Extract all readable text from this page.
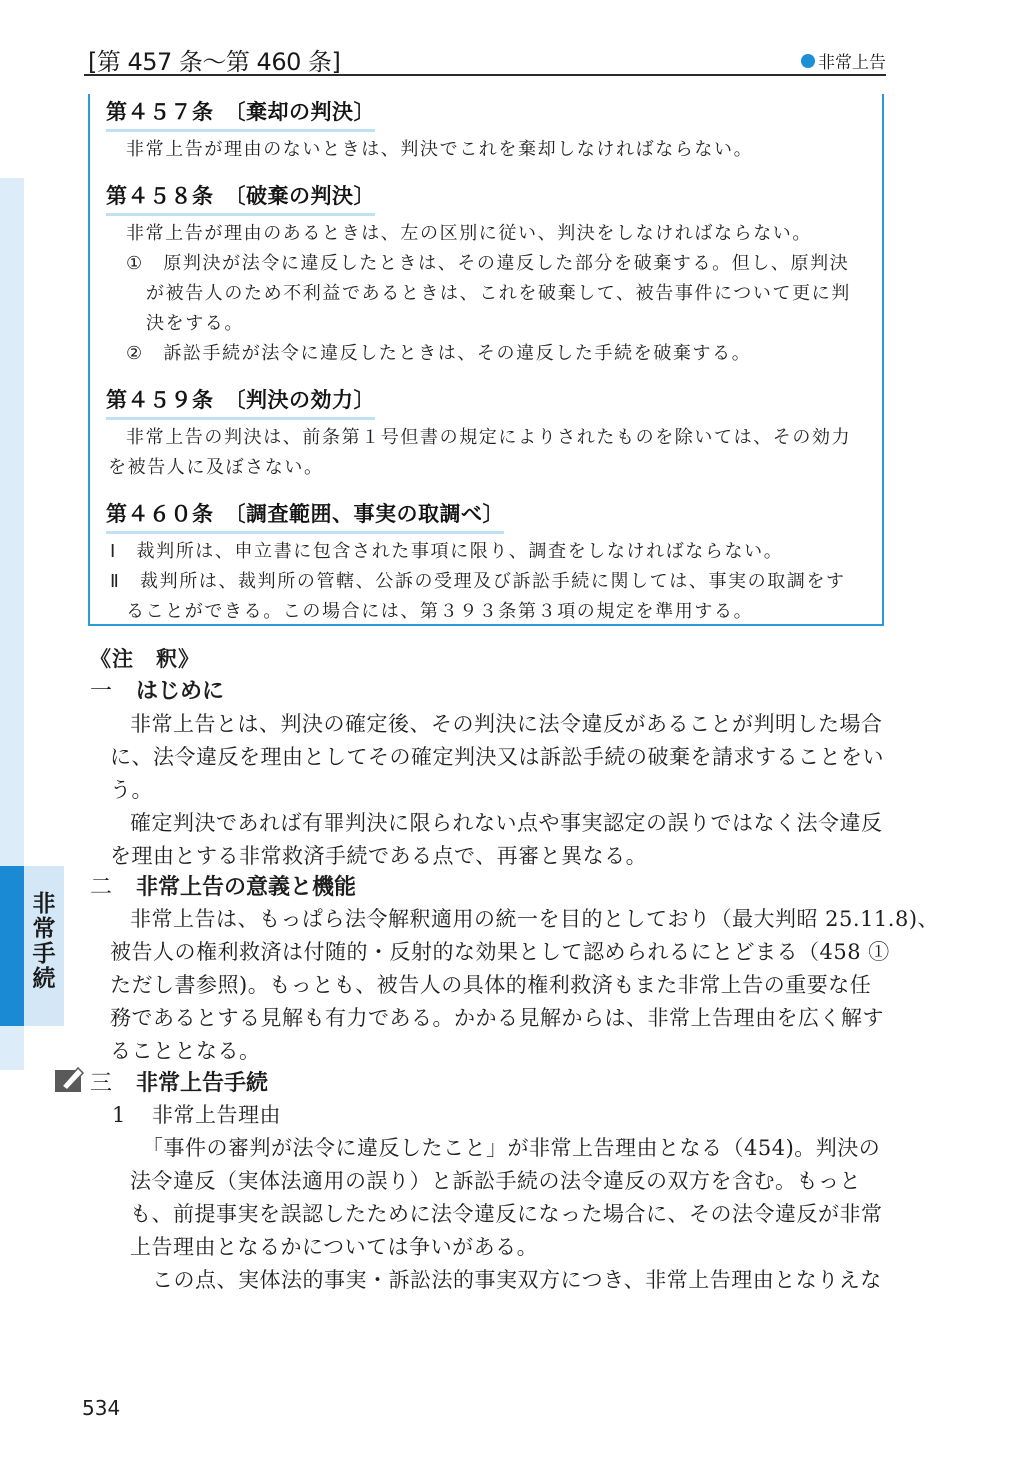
[第 457 条〜第 460 条]	非常上告
非
常
手
続
第４５７条　〔棄却の判決〕
非常上告が理由のないときは、判決でこれを棄却しなければならない。
第４５８条　〔破棄の判決〕
非常上告が理由のあるときは、左の区別に従い、判決をしなければならない。
①　原判決が法令に違反したときは、その違反した部分を破棄する。但し、原判決
が被告人のため不利益であるときは、これを破棄して、被告事件について更に判
決をする。
②　訴訟手続が法令に違反したときは、その違反した手続を破棄する。
第４５９条　〔判決の効力〕
非常上告の判決は、前条第１号但書の規定によりされたものを除いては、その効力
を被告人に及ぼさない。
第４６０条　〔調査範囲、事実の取調べ〕
Ⅰ　裁判所は、申立書に包含された事項に限り、調査をしなければならない。
Ⅱ　裁判所は、裁判所の管轄、公訴の受理及び訴訟手続に関しては、事実の取調をす
ることができる。この場合には、第３９３条第３項の規定を準用する。
《注　釈》
一 はじめに
非常上告とは、判決の確定後、その判決に法令違反があることが判明した場合
に、法令違反を理由としてその確定判決又は訴訟手続の破棄を請求することをい
う。
確定判決であれば有罪判決に限られない点や事実認定の誤りではなく法令違反
を理由とする非常救済手続である点で、再審と異なる。
二 非常上告の意義と機能
非常上告は、もっぱら法令解釈適用の統一を目的としており（最大判昭 25.11.8)、
被告人の権利救済は付随的・反射的な効果として認められるにとどまる（458 ①
ただし書参照)。もっとも、被告人の具体的権利救済もまた非常上告の重要な任
務であるとする見解も有力である。かかる見解からは、非常上告理由を広く解す
ることとなる。
三 非常上告手続
1 非常上告理由
「事件の審判が法令に違反したこと」が非常上告理由となる（454)。判決の
法令違反（実体法適用の誤り）と訴訟手続の法令違反の双方を含む。もっと
も、前提事実を誤認したために法令違反になった場合に、その法令違反が非常
上告理由となるかについては争いがある。
この点、実体法的事実・訴訟法的事実双方につき、非常上告理由となりえな
534
